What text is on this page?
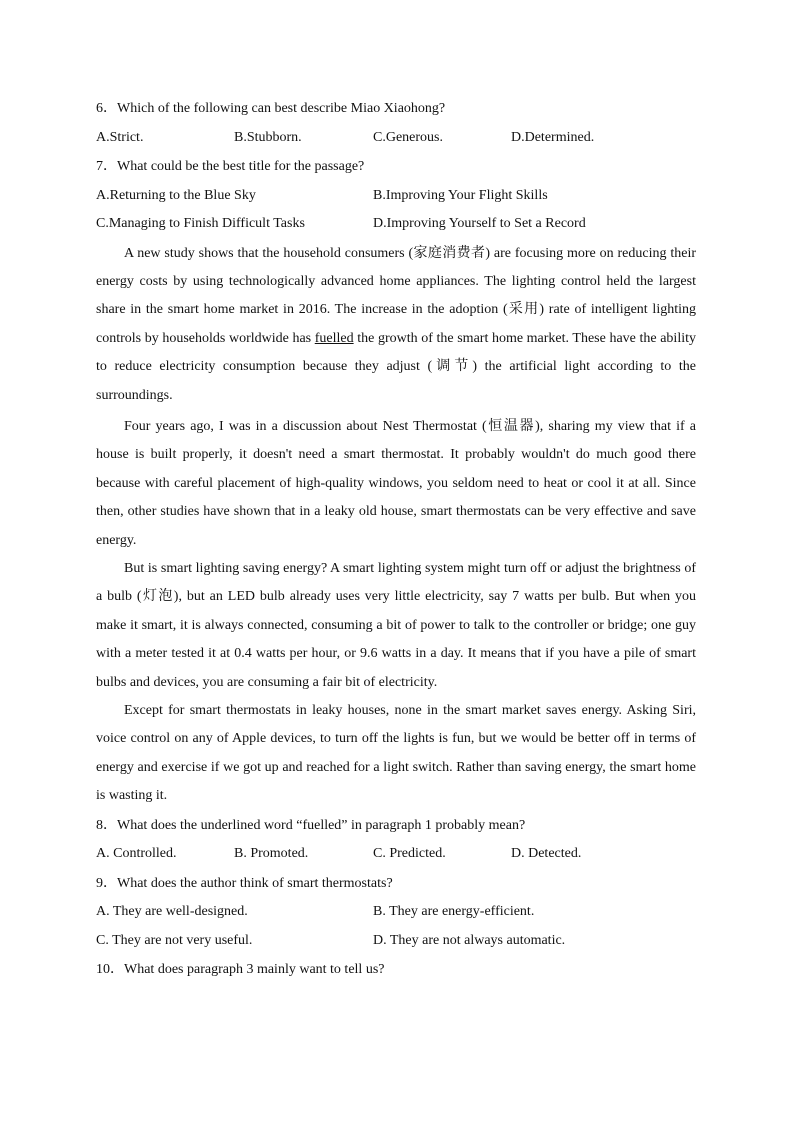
6．Which of the following can best describe Miao Xiaohong?
A.Strict.	B.Stubborn.	C.Generous.	D.Determined.
7．What could be the best title for the passage?
A.Returning to the Blue Sky	B.Improving Your Flight Skills
C.Managing to Finish Difficult Tasks	D.Improving Yourself to Set a Record

A new study shows that the household consumers (家庭消费者) are focusing more on reducing their energy costs by using technologically advanced home appliances. The lighting control held the largest share in the smart home market in 2016. The increase in the adoption (采用) rate of intelligent lighting controls by households worldwide has fuelled the growth of the smart home market. These have the ability to reduce electricity consumption because they adjust (调节) the artificial light according to the surroundings.

Four years ago, I was in a discussion about Nest Thermostat (恒温器), sharing my view that if a house is built properly, it doesn't need a smart thermostat. It probably wouldn't do much good there because with careful placement of high-quality windows, you seldom need to heat or cool it at all. Since then, other studies have shown that in a leaky old house, smart thermostats can be very effective and save energy.

But is smart lighting saving energy? A smart lighting system might turn off or adjust the brightness of a bulb (灯泡), but an LED bulb already uses very little electricity, say 7 watts per bulb. But when you make it smart, it is always connected, consuming a bit of power to talk to the controller or bridge; one guy with a meter tested it at 0.4 watts per hour, or 9.6 watts in a day. It means that if you have a pile of smart bulbs and devices, you are consuming a fair bit of electricity.

Except for smart thermostats in leaky houses, none in the smart market saves energy. Asking Siri, voice control on any of Apple devices, to turn off the lights is fun, but we would be better off in terms of energy and exercise if we got up and reached for a light switch. Rather than saving energy, the smart home is wasting it.

8．What does the underlined word “fuelled” in paragraph 1 probably mean?
A. Controlled.	B. Promoted.	C. Predicted.	D. Detected.
9．What does the author think of smart thermostats?
A. They are well-designed.	B. They are energy-efficient.
C. They are not very useful.	D. They are not always automatic.
10．What does paragraph 3 mainly want to tell us?
